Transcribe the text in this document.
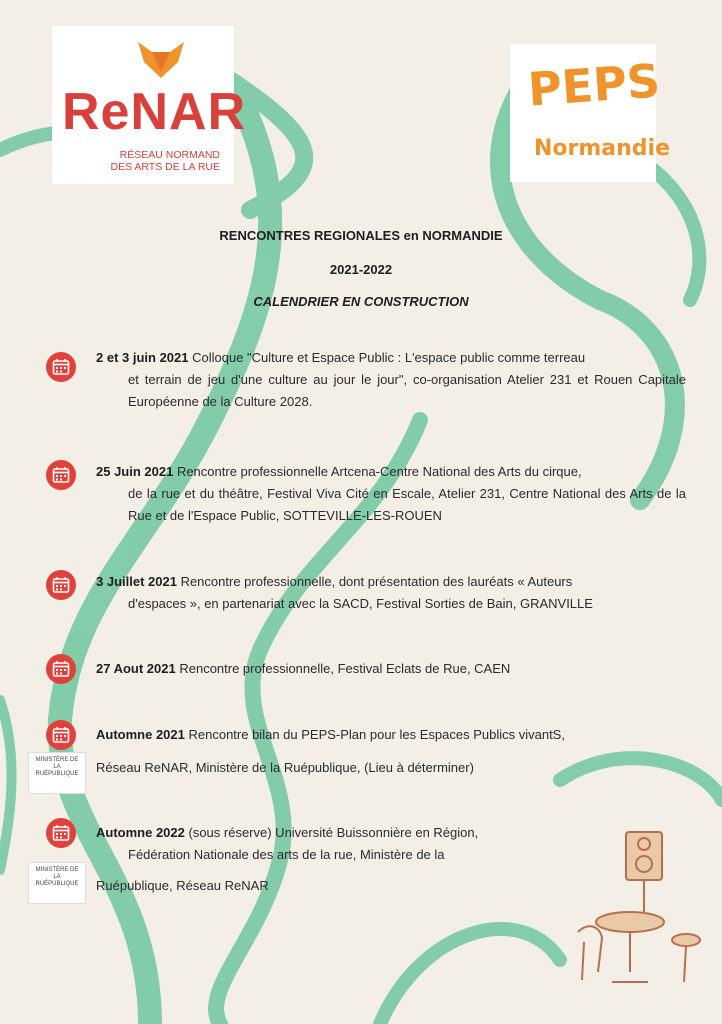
ReNAR
RÉSEAU NORMAND
DES ARTS DE LA RUE
PEPS
Normandie
RENCONTRES REGIONALES en NORMANDIE
2021-2022
CALENDRIER EN CONSTRUCTION
2 et 3 juin 2021 Colloque "Culture et Espace Public : L'espace public comme terreau
et terrain de jeu d'une culture au jour le jour", co-organisation Atelier 231 et Rouen Capitale Européenne de la Culture 2028.
25 Juin 2021 Rencontre professionnelle Artcena-Centre National des Arts du cirque,
de la rue et du théâtre, Festival Viva Cité en Escale, Atelier 231, Centre National des Arts de la Rue et de l'Espace Public, SOTTEVILLE-LES-ROUEN
3 Juillet 2021 Rencontre professionnelle, dont présentation des lauréats « Auteurs
d'espaces », en partenariat avec la SACD, Festival Sorties de Bain, GRANVILLE
27 Aout 2021 Rencontre professionnelle, Festival Eclats de Rue, CAEN
Automne 2021 Rencontre bilan du PEPS-Plan pour les Espaces Publics vivantS,
Réseau ReNAR, Ministère de la Ruépublique, (Lieu à déterminer)
Automne 2022 (sous réserve) Université Buissonnière en Région,
Fédération Nationale des arts de la rue, Ministère de la
Ruépublique, Réseau ReNAR
MINISTÈRE DE LA RUÉPUBLIQUE
MINISTÈRE DE LA RUÉPUBLIQUE
